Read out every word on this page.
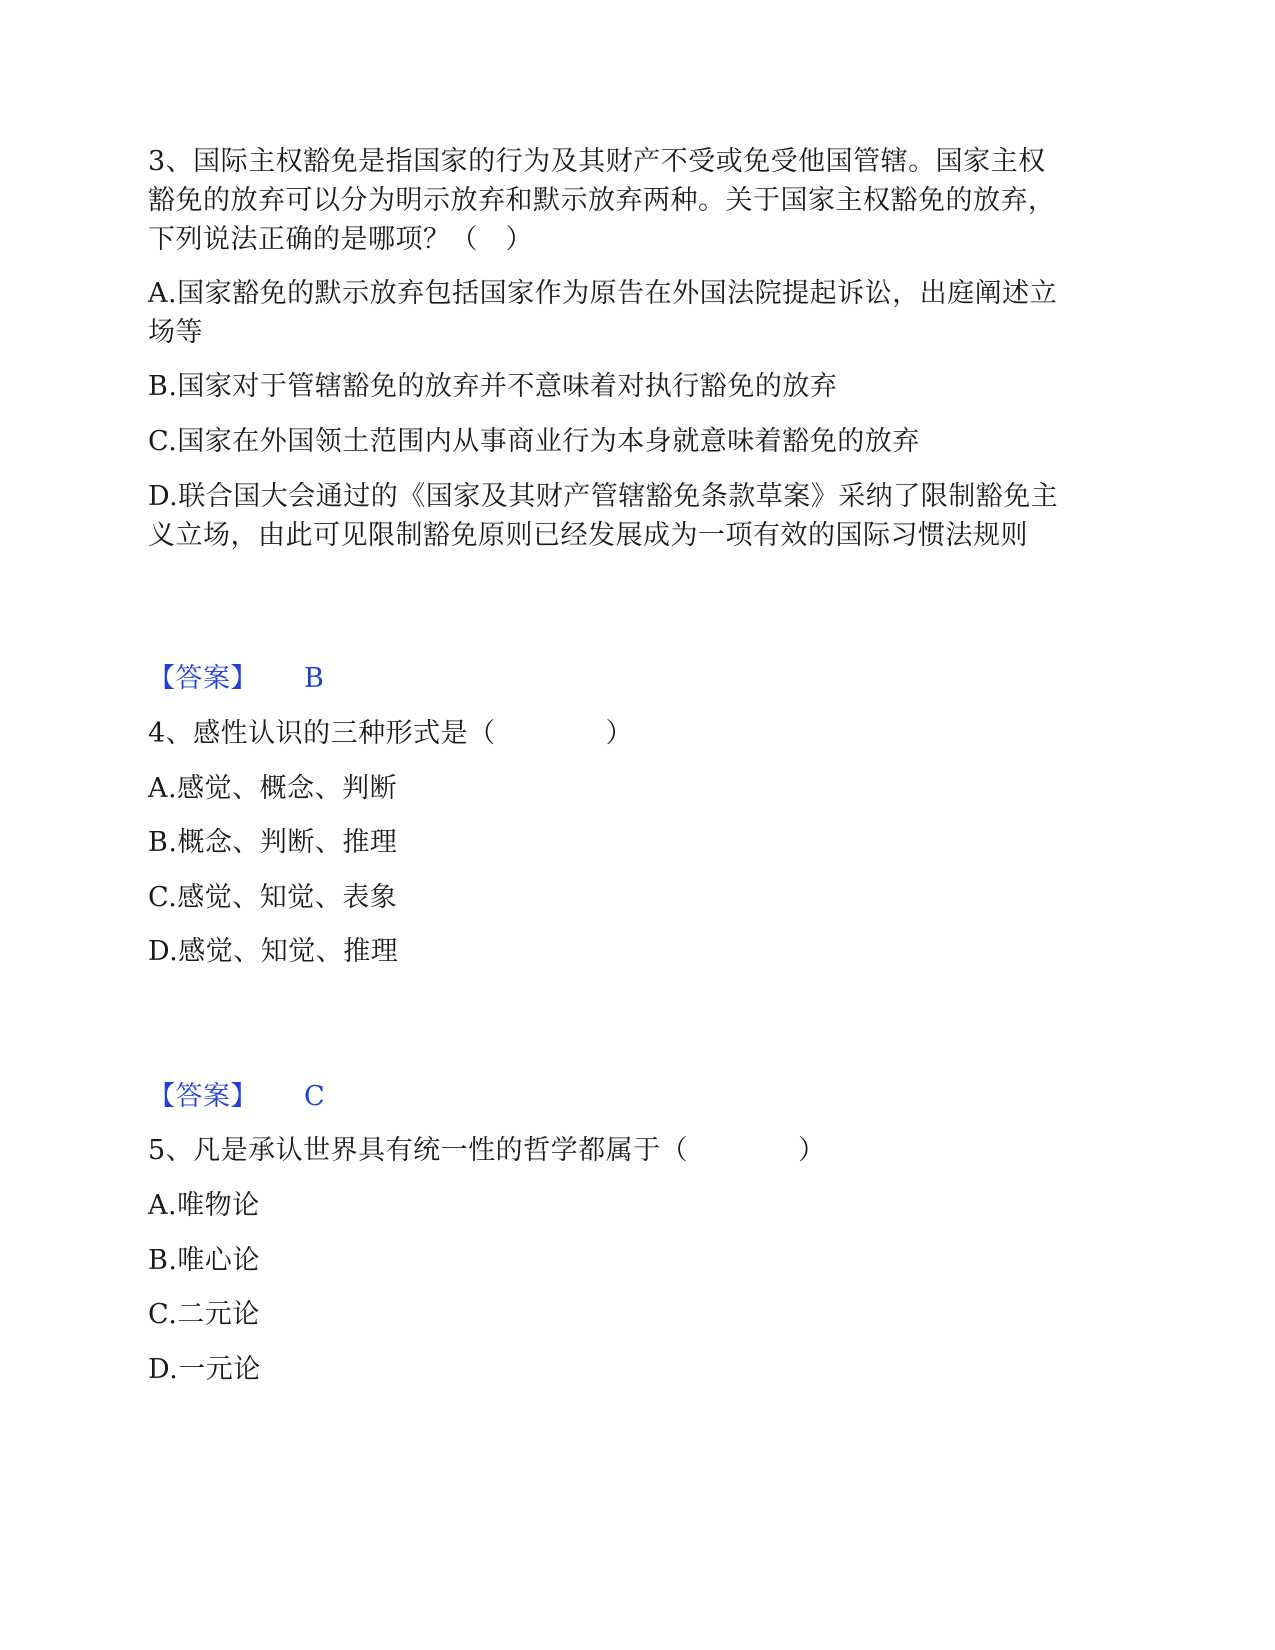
3、国际主权豁免是指国家的行为及其财产不受或免受他国管辖。国家主权
豁免的放弃可以分为明示放弃和默示放弃两种。关于国家主权豁免的放弃，
下列说法正确的是哪项？（　）
A.国家豁免的默示放弃包括国家作为原告在外国法院提起诉讼，出庭阐述立
场等
B.国家对于管辖豁免的放弃并不意味着对执行豁免的放弃
C.国家在外国领土范围内从事商业行为本身就意味着豁免的放弃
D.联合国大会通过的《国家及其财产管辖豁免条款草案》采纳了限制豁免主
义立场，由此可见限制豁免原则已经发展成为一项有效的国际习惯法规则
【答案】 B
4、感性认识的三种形式是（　　　　）
A.感觉、概念、判断
B.概念、判断、推理
C.感觉、知觉、表象
D.感觉、知觉、推理
【答案】 C
5、凡是承认世界具有统一性的哲学都属于（　　　　）
A.唯物论
B.唯心论
C.二元论
D.一元论
